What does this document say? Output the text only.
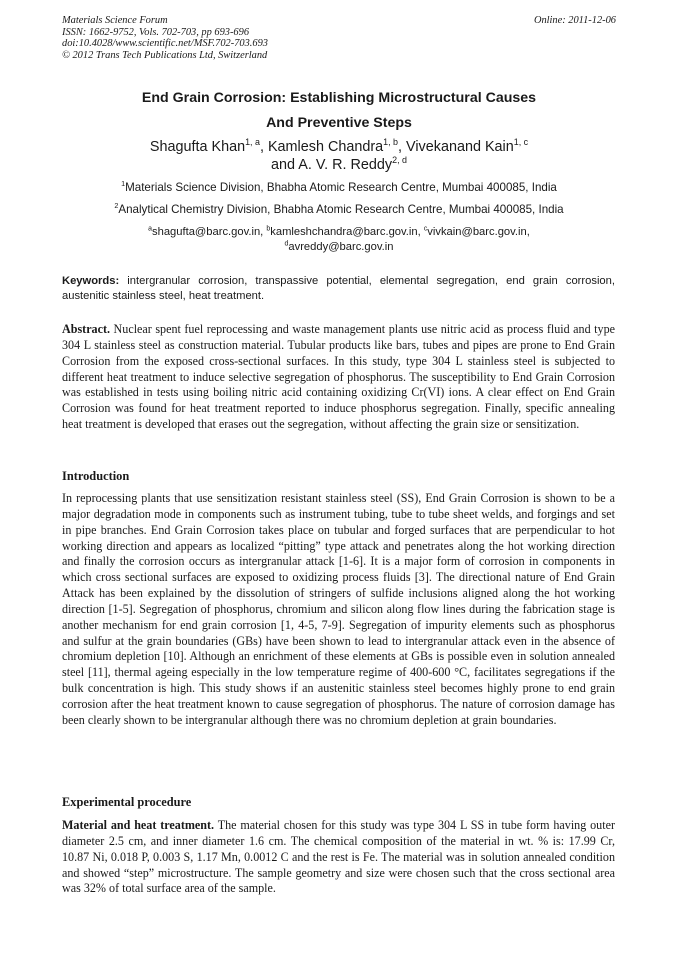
Materials Science Forum
ISSN: 1662-9752, Vols. 702-703, pp 693-696
doi:10.4028/www.scientific.net/MSF.702-703.693
© 2012 Trans Tech Publications Ltd, Switzerland
Online: 2011-12-06
End Grain Corrosion: Establishing Microstructural Causes
And Preventive Steps
Shagufta Khan$^{1, a}$, Kamlesh Chandra$^{1, b}$, Vivekanand Kain$^{1, c}$
and A. V. R. Reddy$^{2, d}$
$^1$Materials Science Division, Bhabha Atomic Research Centre, Mumbai 400085, India
$^2$Analytical Chemistry Division, Bhabha Atomic Research Centre, Mumbai 400085, India
$^a$shagufta@barc.gov.in, $^b$kamleshchandra@barc.gov.in, $^c$vivkain@barc.gov.in,
$^d$avreddy@barc.gov.in
Keywords: intergranular corrosion, transpassive potential, elemental segregation, end grain corrosion, austenitic stainless steel, heat treatment.
Abstract. Nuclear spent fuel reprocessing and waste management plants use nitric acid as process fluid and type 304 L stainless steel as construction material. Tubular products like bars, tubes and pipes are prone to End Grain Corrosion from the exposed cross-sectional surfaces. In this study, type 304 L stainless steel is subjected to different heat treatment to induce selective segregation of phosphorus. The susceptibility to End Grain Corrosion was established in tests using boiling nitric acid containing oxidizing Cr(VI) ions. A clear effect on End Grain Corrosion was found for heat treatment reported to induce phosphorus segregation. Finally, specific annealing heat treatment is developed that erases out the segregation, without affecting the grain size or sensitization.
Introduction
In reprocessing plants that use sensitization resistant stainless steel (SS), End Grain Corrosion is shown to be a major degradation mode in components such as instrument tubing, tube to tube sheet welds, and forgings and set in pipe branches. End Grain Corrosion takes place on tubular and forged surfaces that are perpendicular to hot working direction and appears as localized “pitting” type attack and penetrates along the hot working direction and finally the corrosion occurs as intergranular attack [1-6]. It is a major form of corrosion in components in which cross sectional surfaces are exposed to oxidizing process fluids [3]. The directional nature of End Grain Attack has been explained by the dissolution of stringers of sulfide inclusions aligned along the hot working direction [1-5]. Segregation of phosphorus, chromium and silicon along flow lines during the fabrication stage is another mechanism for end grain corrosion [1, 4-5, 7-9]. Segregation of impurity elements such as phosphorus and sulfur at the grain boundaries (GBs) have been shown to lead to intergranular attack even in the absence of chromium depletion [10]. Although an enrichment of these elements at GBs is possible even in solution annealed steel [11], thermal ageing especially in the low temperature regime of 400-600 °C, facilitates segregations if the bulk concentration is high. This study shows if an austenitic stainless steel becomes highly prone to end grain corrosion after the heat treatment known to cause segregation of phosphorus. The nature of corrosion damage has been clearly shown to be intergranular although there was no chromium depletion at grain boundaries.
Experimental procedure
Material and heat treatment. The material chosen for this study was type 304 L SS in tube form having outer diameter 2.5 cm, and inner diameter 1.6 cm. The chemical composition of the material in wt. % is: 17.99 Cr, 10.87 Ni, 0.018 P, 0.003 S, 1.17 Mn, 0.0012 C and the rest is Fe. The material was in solution annealed condition and showed “step” microstructure. The sample geometry and size were chosen such that the cross sectional area was 32% of total surface area of the sample.
